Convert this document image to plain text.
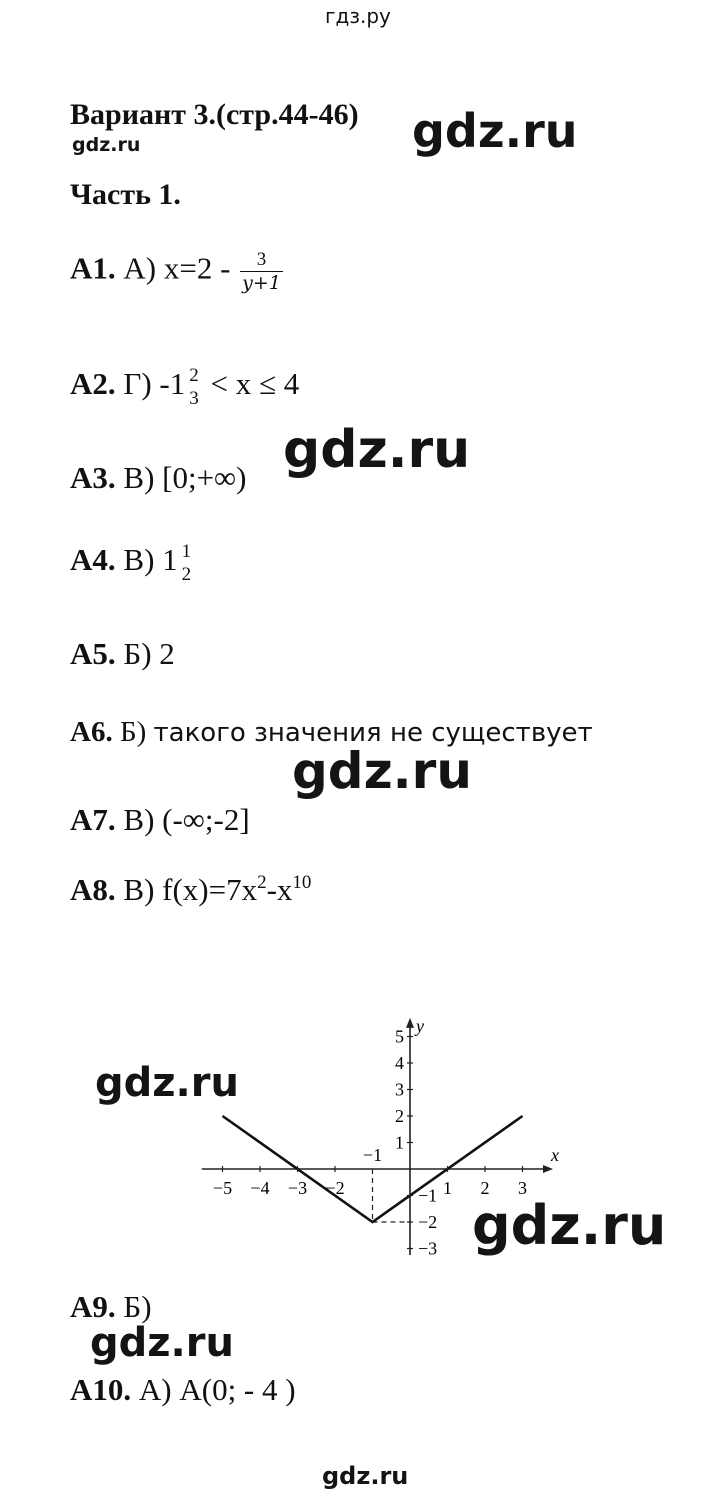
гдз.ру
Вариант 3.(стр.44-46) gdz.ru
gdz.ru
Часть 1.
А1. А) $x=2 - \frac{3}{y+1}$
А2. Г) -1 2
3 < x ≤ 4
gdz.ru
А3. В) [0;+∞)
А4. В) 1 1
2
А5. Б) 2
А6. Б) такого значения не существует
gdz.ru
А7. В) (-∞;-2]
А8. В) $f(x)=7x^2-x^{10}$
x
y
−5 −4 −3 −2	1 2 3
5
4
3
2
1
−1
−2
−3
−1
gdz.ru
gdz.ru
А9. Б)
gdz.ru
А10. А) A(0; - 4 )
gdz.ru
